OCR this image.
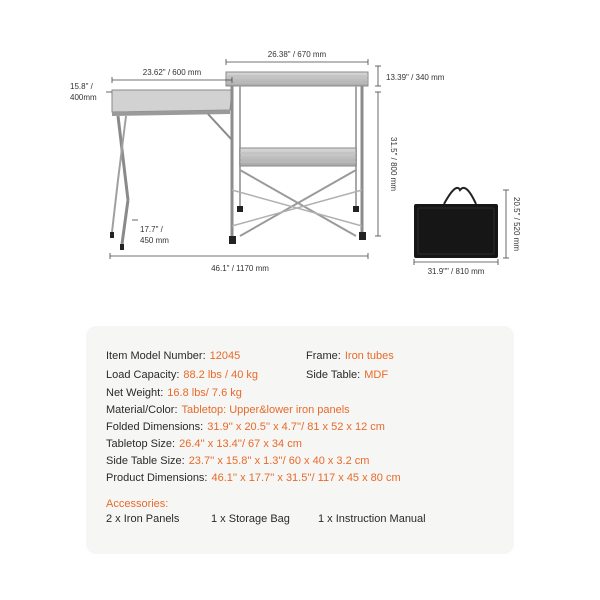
23.62" / 600 mm
15.8" /
400mm
26.38" / 670 mm
13.39" / 340 mm
31.5" / 800 mm
17.7" /
450 mm
46.1" / 1170 mm
20.5" / 520 mm
31.9"" / 810 mm
Item Model Number: 12045	Frame: Iron tubes
Load Capacity: 88.2 lbs / 40 kg	Side Table: MDF
Net Weight: 16.8 lbs/ 7.6 kg
Material/Color: Tabletop: Upper&lower iron panels
Folded Dimensions: 31.9'' x 20.5'' x 4.7''/ 81 x 52 x 12 cm
Tabletop Size: 26.4'' x 13.4''/ 67 x 34 cm
Side Table Size: 23.7'' x 15.8'' x 1.3''/ 60 x 40 x 3.2 cm
Product Dimensions: 46.1'' x 17.7'' x 31.5''/ 117 x 45 x 80 cm
Accessories:
2 x Iron Panels	1 x Storage Bag	1 x Instruction Manual
